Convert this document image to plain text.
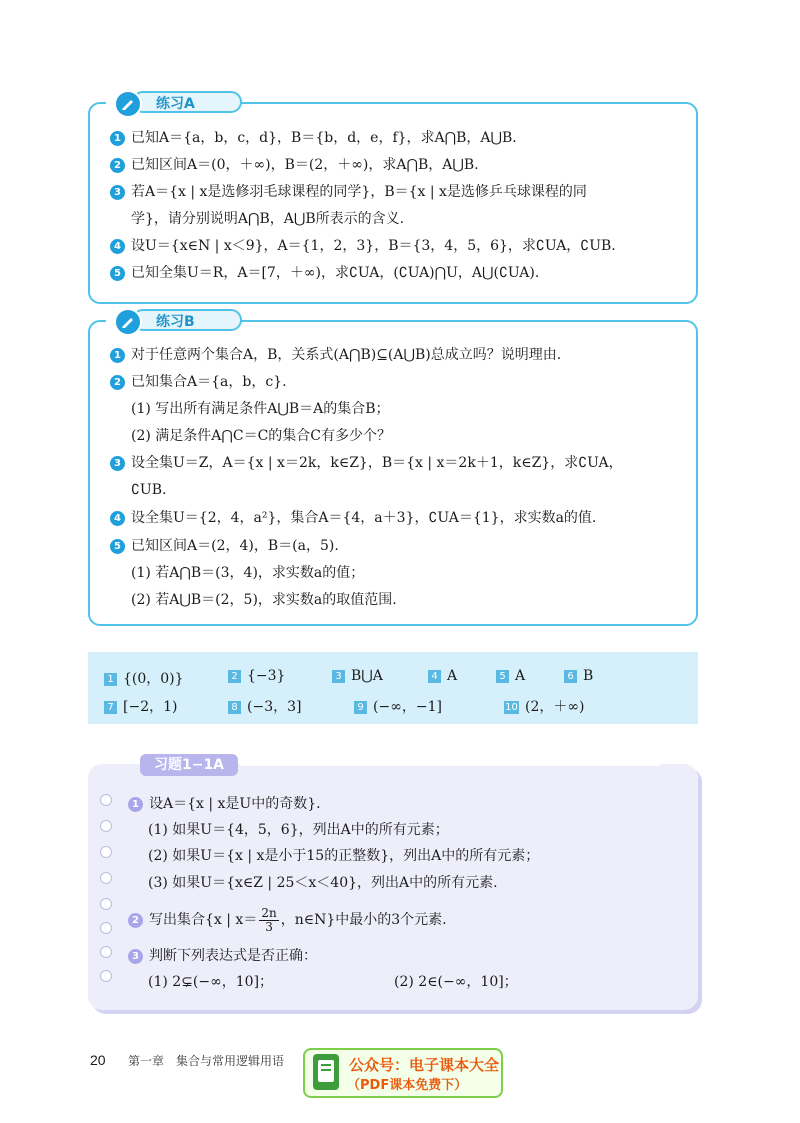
练习A
1 已知A＝{a，b，c，d}，B＝{b，d，e，f}，求A⋂B，A⋃B.
2 已知区间A＝(0，＋∞)，B＝(2，＋∞)，求A⋂B，A⋃B.
3 若A＝{x | x是选修羽毛球课程的同学}，B＝{x | x是选修乒乓球课程的同
学}，请分别说明A⋂B，A⋃B所表示的含义.
4 设U＝{x∈N | x＜9}，A＝{1，2，3}，B＝{3，4，5，6}，求∁UA，∁UB.
5 已知全集U＝R，A＝[7，＋∞)，求∁UA，(∁UA)⋂U，A⋃(∁UA).
练习B
1 对于任意两个集合A，B，关系式(A⋂B)⊆(A⋃B)总成立吗？说明理由.
2 已知集合A＝{a，b，c}.
(1) 写出所有满足条件A⋃B＝A的集合B；
(2) 满足条件A⋂C＝C的集合C有多少个？
3 设全集U＝Z，A＝{x | x＝2k，k∈Z}，B＝{x | x＝2k＋1，k∈Z}，求∁UA，
∁UB.
4 设全集U＝{2，4，a²}，集合A＝{4，a＋3}，∁UA＝{1}，求实数a的值.
5 已知区间A＝(2，4)，B＝(a，5).
(1) 若A⋂B＝(3，4)，求实数a的值；
(2) 若A⋃B＝(2，5)，求实数a的取值范围.
1 {(0，0)}	2 {−3}	3 B⋃A	4 A	5 A	6 B
7 [−2，1)	8 (−3，3]	9 (−∞，−1]	10 (2，＋∞)
习题1−1A
1 设A＝{x | x是U中的奇数}.
(1) 如果U＝{4，5，6}，列出A中的所有元素；
(2) 如果U＝{x | x是小于15的正整数}，列出A中的所有元素；
(3) 如果U＝{x∈Z | 25＜x＜40}，列出A中的所有元素.
2 写出集合{x | $x= \frac{2n}{3}$ ，n∈N}中最小的3个元素.
3 判断下列表达式是否正确：
(1) 2⊊(−∞，10]；	(2) 2∈(−∞，10]；
20 第一章　集合与常用逻辑用语	公众号：电子课本大全
（PDF课本免费下）
